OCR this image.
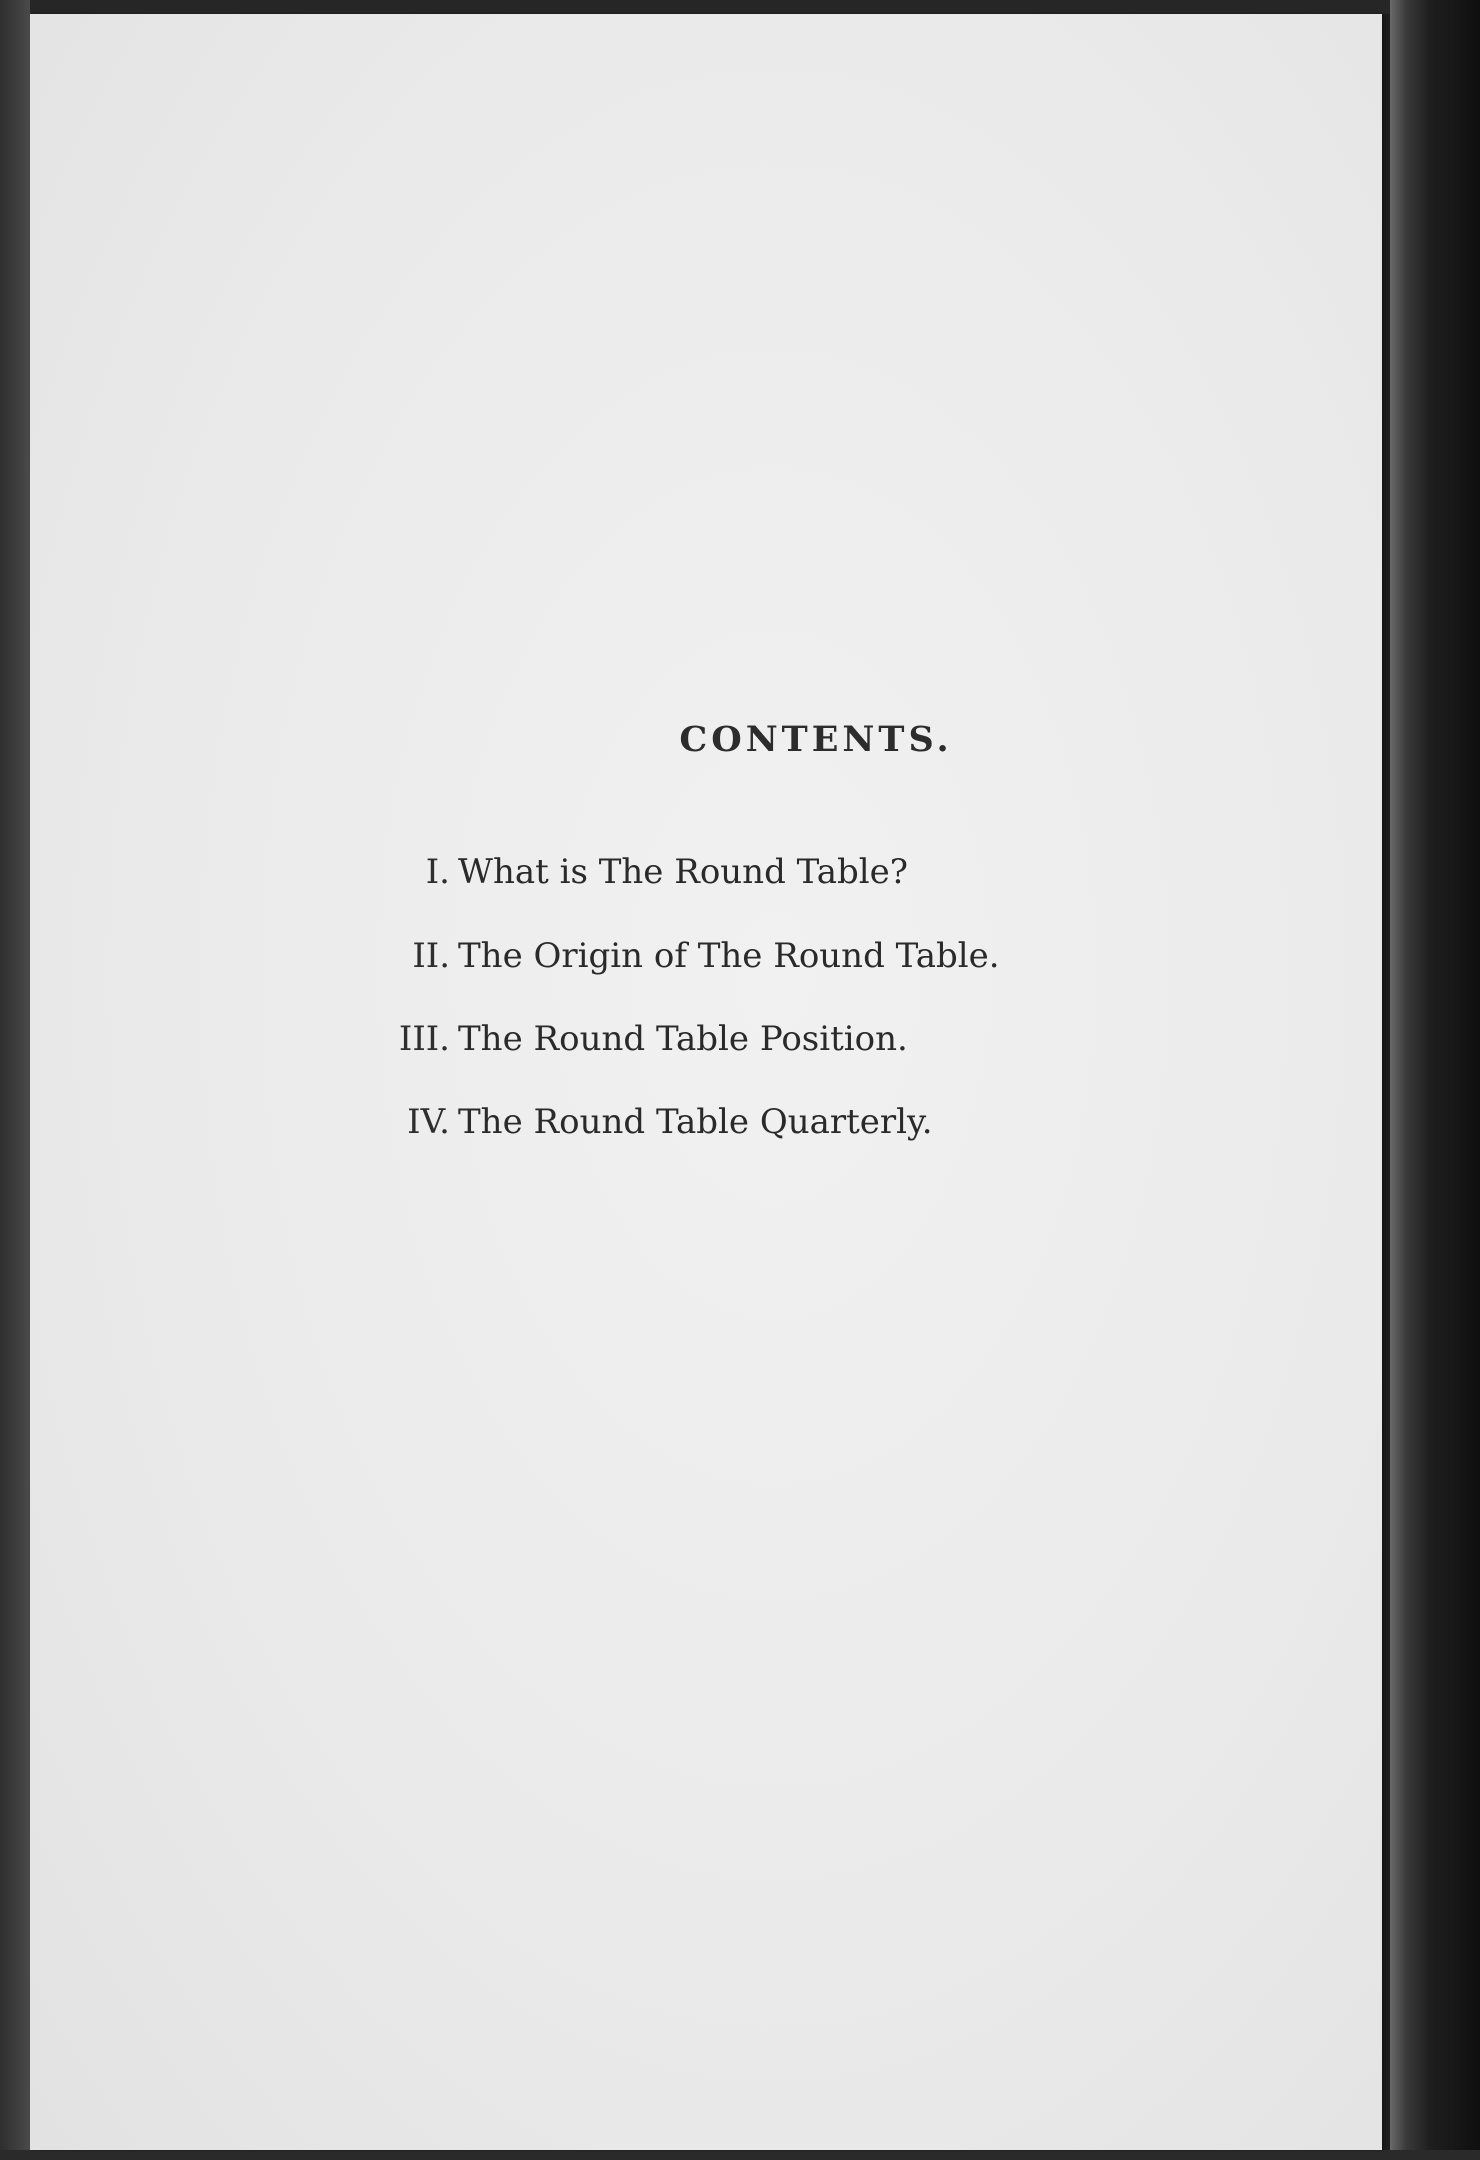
CONTENTS.
I. What is The Round Table?
II. The Origin of The Round Table.
III. The Round Table Position.
IV. The Round Table Quarterly.
